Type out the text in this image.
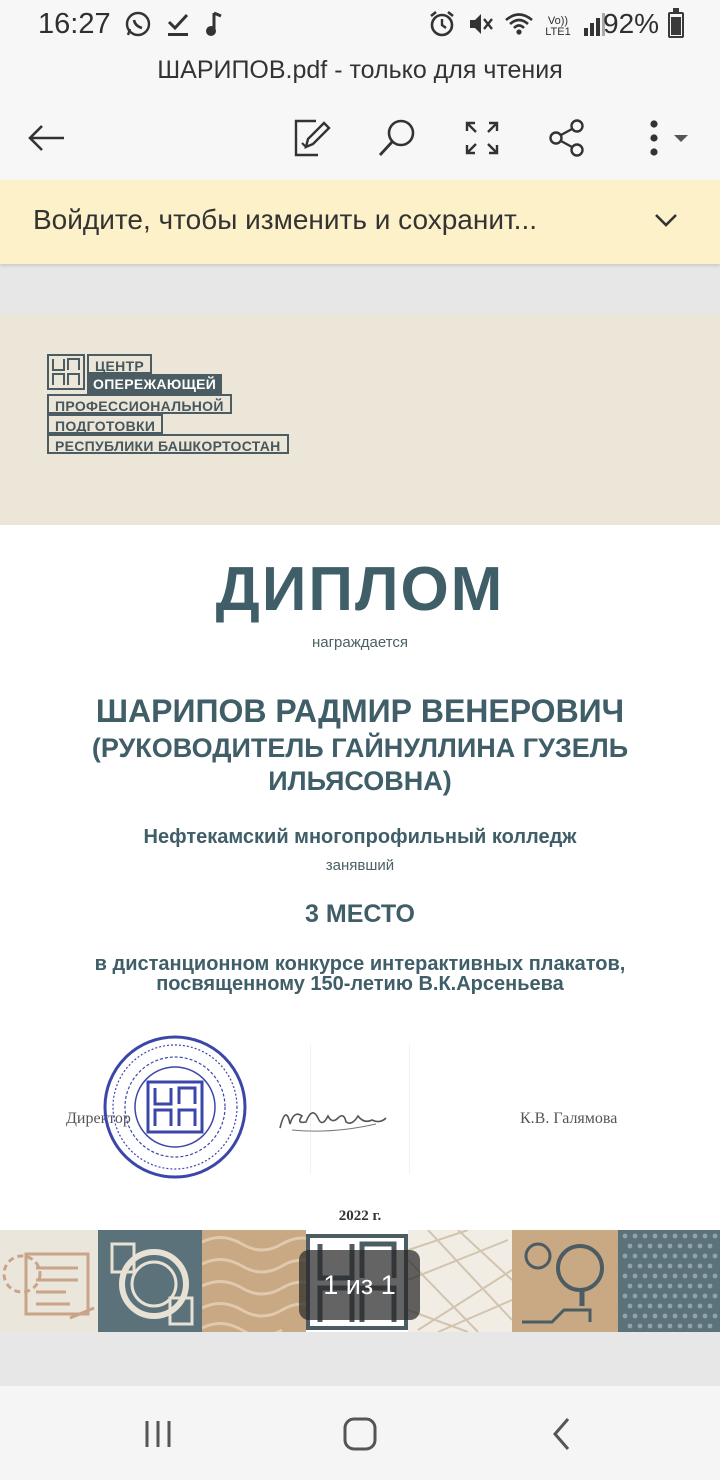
16:27	Vo)) LTE1 92%
ШАРИПОВ.pdf - только для чтения
Войдите, чтобы изменить и сохранит...
ЦЕНТР
ОПЕРЕЖАЮЩЕЙ
ПРОФЕССИОНАЛЬНОЙ
ПОДГОТОВКИ
РЕСПУБЛИКИ БАШКОРТОСТАН
ДИПЛОМ
награждается
ШАРИПОВ РАДМИР ВЕНЕРОВИЧ
(РУКОВОДИТЕЛЬ ГАЙНУЛЛИНА ГУЗЕЛЬ ИЛЬЯСОВНА)
Нефтекамский многопрофильный колледж
занявший
3 МЕСТО
в дистанционном конкурсе интерактивных плакатов, посвященному 150-летию В.К.Арсеньева
Директор	К.В. Галямова
2022 г.
1 из 1
